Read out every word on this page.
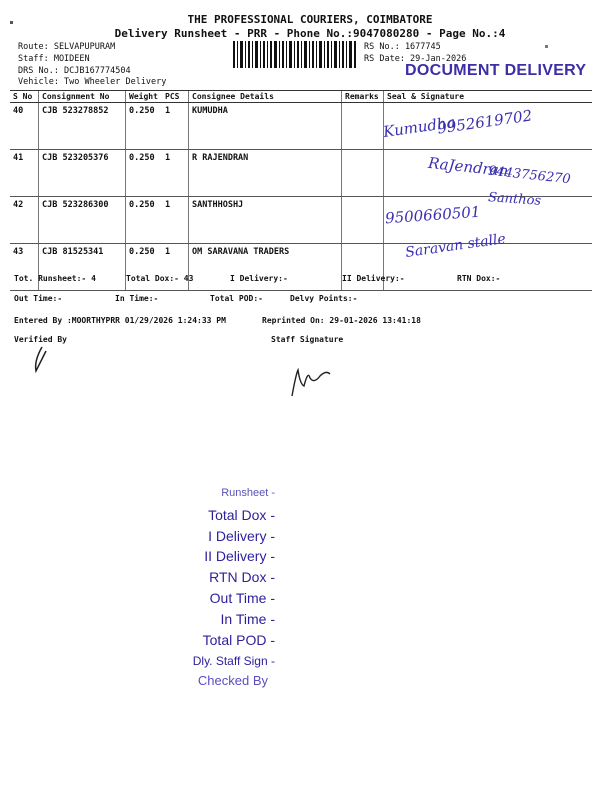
THE PROFESSIONAL COURIERS, COIMBATORE
Delivery Runsheet - PRR - Phone No.:9047080280 - Page No.:4
Route: SELVAPUPURAM
Staff: MOIDEEN
DRS No.: DCJB167774504
Vehicle: Two Wheeler Delivery
RS No.: 1677745
RS Date: 29-Jan-2026
DOCUMENT DELIVERY
S No	Consignment No	Weight	PCS	Consignee Details	Remarks	Seal & Signature
40	CJB 523278852	0.250	1	KUMUDHA		
41	CJB 523205376	0.250	1	R RAJENDRAN		
42	CJB 523286300	0.250	1	SANTHHOSHJ		
43	CJB 81525341	0.250	1	OM SARAVANA TRADERS		
Kumudha
9952619702
RaJendran
9443756270
Santhos
9500660501
Saravan stalle
Tot. Runsheet:- 4	Total Dox:- 43	I Delivery:-	II Delivery:-	RTN Dox:-
Out Time:-	In Time:-	Total POD:-	Delvy Points:-
Entered By :MOORTHYPRR 01/29/2026 1:24:33 PM	Reprinted On: 29-01-2026 13:41:18
Verified By	Staff Signature
Runsheet -
Total Dox -
I Delivery -
II Delivery -
RTN Dox -
Out Time -
In Time -
Total POD -
Dly. Staff Sign -
Checked By
